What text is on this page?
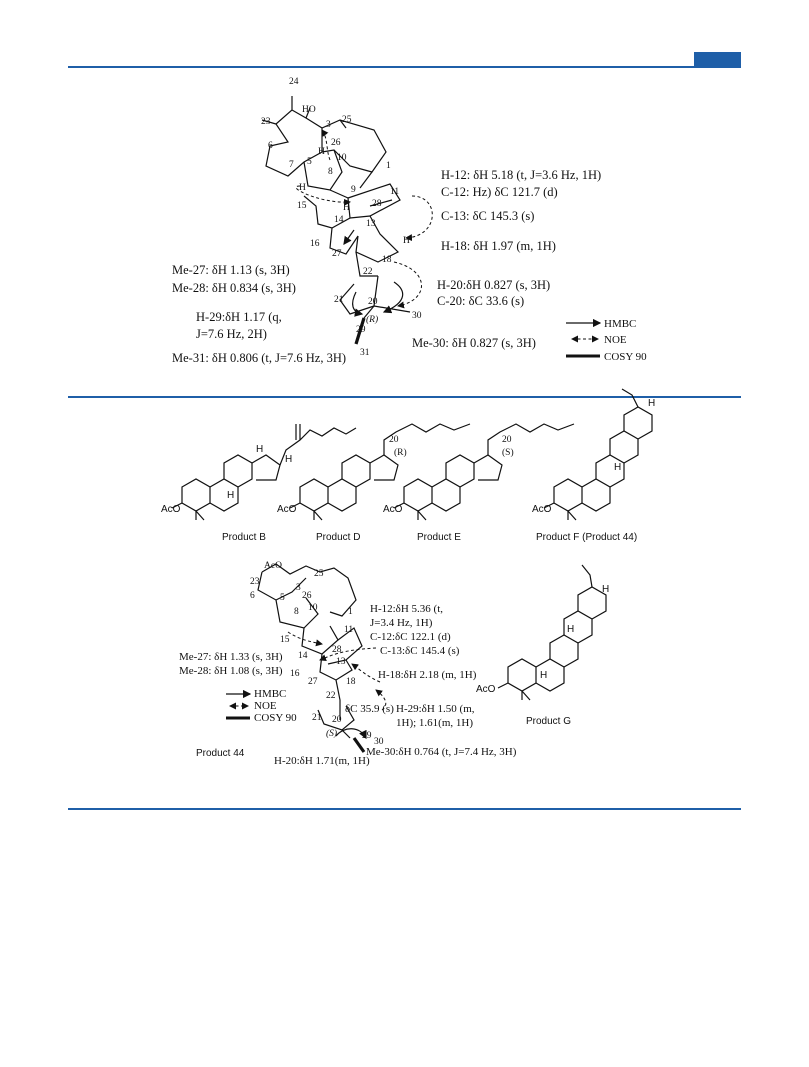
24
23
HO
3 25
26
6
7 5	10
1
8
9	11
28
15
14 13
16
27
18
22
21	20
29
31
30
(R)
H
H
H
H
H-12: δH 5.18 (t, J=3.6 Hz, 1H)
C-12: Hz) δC 121.7 (d)
C-13: δC 145.3 (s)
H-18: δH 1.97 (m, 1H)
Me-27: δH 1.13 (s, 3H)
Me-28: δH 0.834 (s, 3H)	H-20:δH 0.827 (s, 3H)
C-20: δC 33.6 (s)
H-29:δH 1.17 (q,
J=7.6 Hz, 2H)
Me-30: δH 0.827 (s, 3H)
Me-31: δH 0.806 (t, J=7.6 Hz, 3H)
HMBC
NOE
COSY 90
AcO
H
H
H
AcO
20
(R)
AcO
20
(S)
AcO
H
H
Product B	Product D	Product E	Product F (Product 44)
AcO
23
3
25
6	5 26
10	1
8
15
11
14
28
13
16
27	18
22
21 20
29
30
(S)
H-12:δH 5.36 (t,
J=3.4 Hz, 1H)
C-12:δC 122.1 (d)
C-13:δC 145.4 (s)
Me-27: δH 1.33 (s, 3H)
Me-28: δH 1.08 (s, 3H)	H-18:δH 2.18 (m, 1H)
δC 35.9 (s) H-29:δH 1.50 (m,
1H); 1.61(m, 1H)
Me-30:δH 0.764 (t, J=7.4 Hz, 3H)
H-20:δH 1.71(m, 1H)
HMBC
NOE
COSY 90
Product 44
AcO
H
H
H
Product G
